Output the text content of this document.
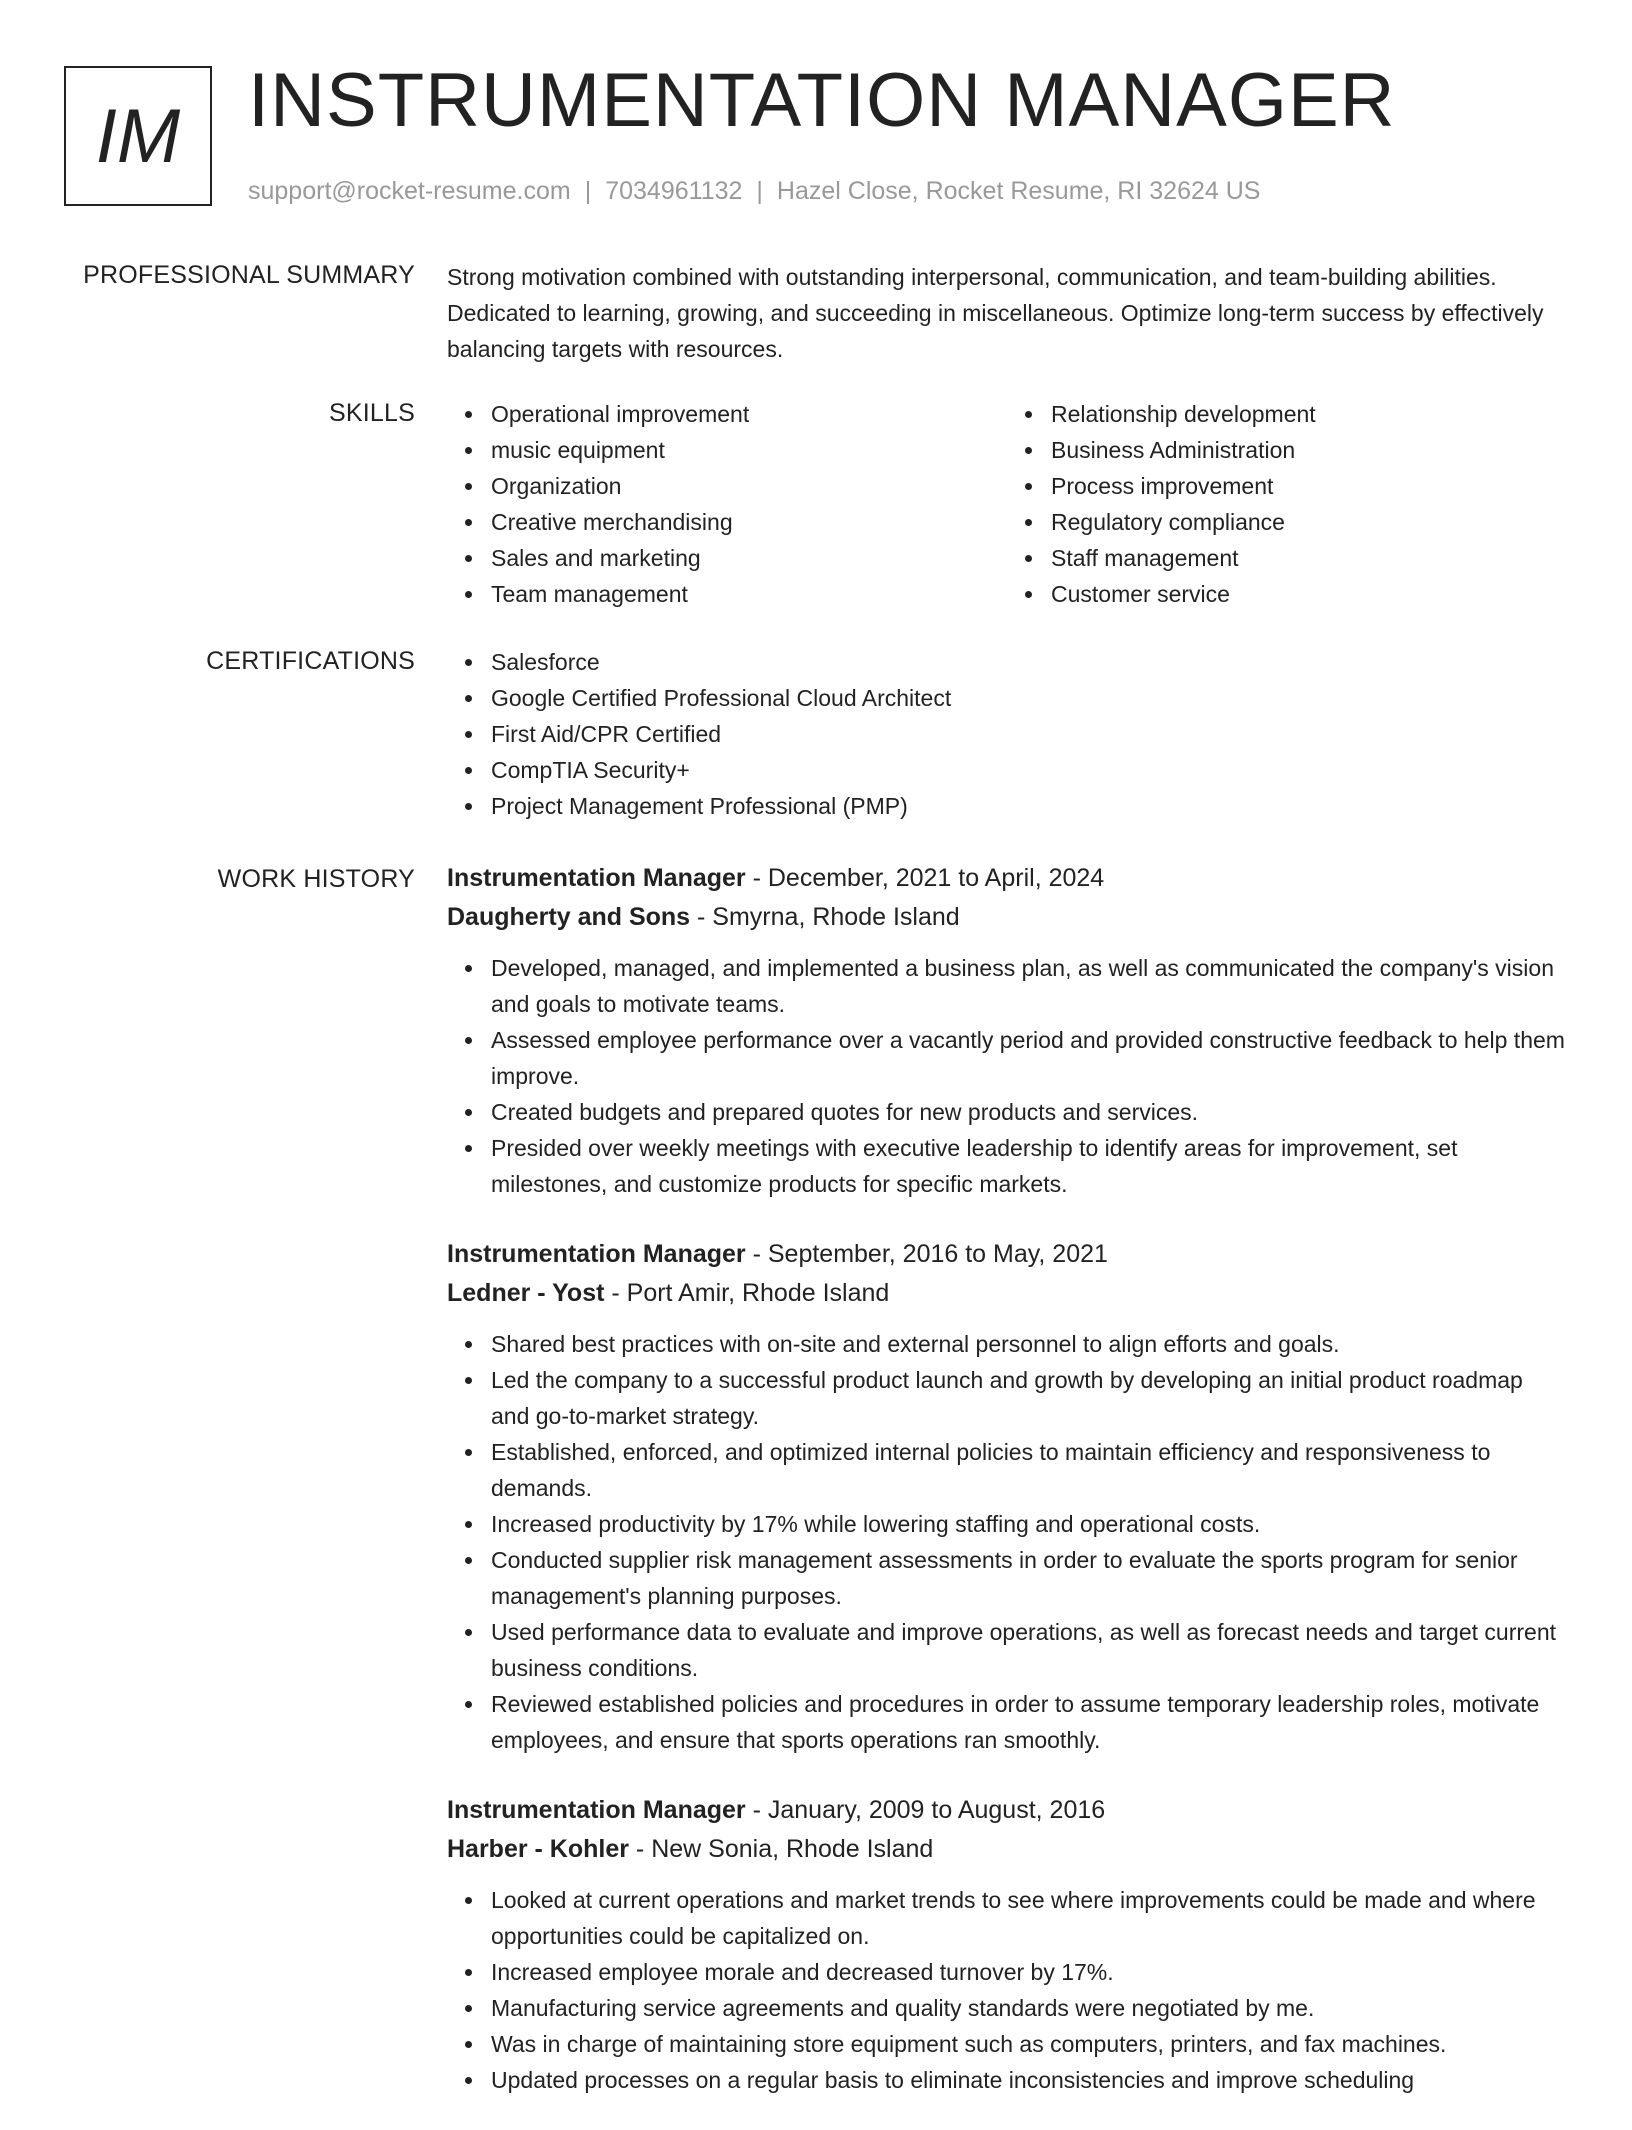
IM INSTRUMENTATION MANAGER
support@rocket-resume.com | 7034961132 | Hazel Close, Rocket Resume, RI 32624 US
PROFESSIONAL SUMMARY Strong motivation combined with outstanding interpersonal, communication, and team-building abilities. Dedicated to learning, growing, and succeeding in miscellaneous. Optimize long-term success by effectively balancing targets with resources.
SKILLS	Operational improvement
music equipment
Organization
Creative merchandising
Sales and marketing
Team management
Relationship development
Business Administration
Process improvement
Regulatory compliance
Staff management
Customer service
CERTIFICATIONS	Salesforce
Google Certified Professional Cloud Architect
First Aid/CPR Certified
CompTIA Security+
Project Management Professional (PMP)
WORK HISTORY Instrumentation Manager - December, 2021 to April, 2024
Daugherty and Sons - Smyrna, Rhode Island
Developed, managed, and implemented a business plan, as well as communicated the company's vision and goals to motivate teams.
Assessed employee performance over a vacantly period and provided constructive feedback to help them improve.
Created budgets and prepared quotes for new products and services.
Presided over weekly meetings with executive leadership to identify areas for improvement, set milestones, and customize products for specific markets.
Instrumentation Manager - September, 2016 to May, 2021
Ledner - Yost - Port Amir, Rhode Island
Shared best practices with on-site and external personnel to align efforts and goals.
Led the company to a successful product launch and growth by developing an initial product roadmap and go-to-market strategy.
Established, enforced, and optimized internal policies to maintain efficiency and responsiveness to demands.
Increased productivity by 17% while lowering staffing and operational costs.
Conducted supplier risk management assessments in order to evaluate the sports program for senior management's planning purposes.
Used performance data to evaluate and improve operations, as well as forecast needs and target current business conditions.
Reviewed established policies and procedures in order to assume temporary leadership roles, motivate employees, and ensure that sports operations ran smoothly.
Instrumentation Manager - January, 2009 to August, 2016
Harber - Kohler - New Sonia, Rhode Island
Looked at current operations and market trends to see where improvements could be made and where opportunities could be capitalized on.
Increased employee morale and decreased turnover by 17%.
Manufacturing service agreements and quality standards were negotiated by me.
Was in charge of maintaining store equipment such as computers, printers, and fax machines.
Updated processes on a regular basis to eliminate inconsistencies and improve scheduling
